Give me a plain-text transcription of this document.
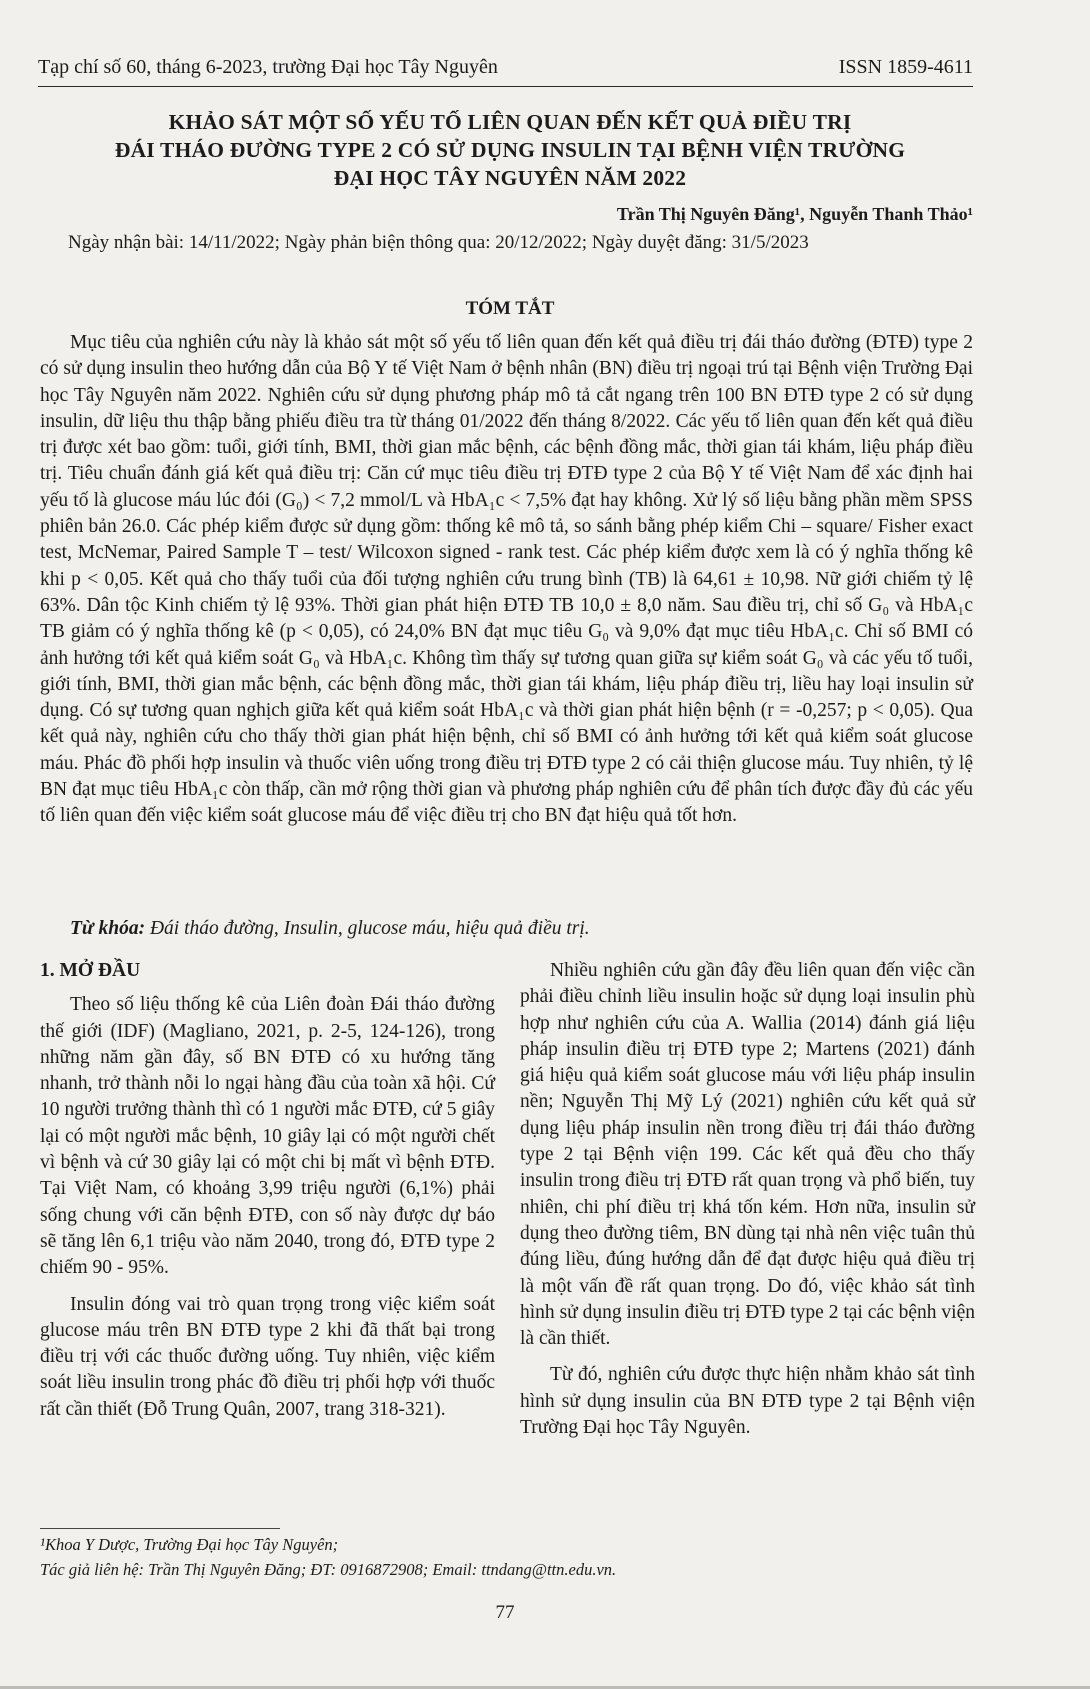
Tạp chí số 60, tháng 6-2023, trường Đại học Tây Nguyên	ISSN 1859-4611
KHẢO SÁT MỘT SỐ YẾU TỐ LIÊN QUAN ĐẾN KẾT QUẢ ĐIỀU TRỊ
ĐÁI THÁO ĐƯỜNG TYPE 2 CÓ SỬ DỤNG INSULIN TẠI BỆNH VIỆN TRƯỜNG
ĐẠI HỌC TÂY NGUYÊN NĂM 2022
Trần Thị Nguyên Đăng¹, Nguyễn Thanh Thảo¹
Ngày nhận bài: 14/11/2022; Ngày phản biện thông qua: 20/12/2022; Ngày duyệt đăng: 31/5/2023
TÓM TẮT

Mục tiêu của nghiên cứu này là khảo sát một số yếu tố liên quan đến kết quả điều trị đái tháo đường (ĐTĐ) type 2 có sử dụng insulin theo hướng dẫn của Bộ Y tế Việt Nam ở bệnh nhân (BN) điều trị ngoại trú tại Bệnh viện Trường Đại học Tây Nguyên năm 2022. Nghiên cứu sử dụng phương pháp mô tả cắt ngang trên 100 BN ĐTĐ type 2 có sử dụng insulin, dữ liệu thu thập bằng phiếu điều tra từ tháng 01/2022 đến tháng 8/2022. Các yếu tố liên quan đến kết quả điều trị được xét bao gồm: tuổi, giới tính, BMI, thời gian mắc bệnh, các bệnh đồng mắc, thời gian tái khám, liệu pháp điều trị. Tiêu chuẩn đánh giá kết quả điều trị: Căn cứ mục tiêu điều trị ĐTĐ type 2 của Bộ Y tế Việt Nam để xác định hai yếu tố là glucose máu lúc đói (G₀) < 7,2 mmol/L và HbA₁c < 7,5% đạt hay không. Xử lý số liệu bằng phần mềm SPSS phiên bản 26.0. Các phép kiểm được sử dụng gồm: thống kê mô tả, so sánh bằng phép kiểm Chi – square/ Fisher exact test, McNemar, Paired Sample T – test/ Wilcoxon signed - rank test. Các phép kiểm được xem là có ý nghĩa thống kê khi p < 0,05. Kết quả cho thấy tuổi của đối tượng nghiên cứu trung bình (TB) là 64,61 ± 10,98. Nữ giới chiếm tỷ lệ 63%. Dân tộc Kinh chiếm tỷ lệ 93%. Thời gian phát hiện ĐTĐ TB 10,0 ± 8,0 năm. Sau điều trị, chỉ số G₀ và HbA₁c TB giảm có ý nghĩa thống kê (p < 0,05), có 24,0% BN đạt mục tiêu G₀ và 9,0% đạt mục tiêu HbA₁c. Chỉ số BMI có ảnh hưởng tới kết quả kiểm soát G₀ và HbA₁c. Không tìm thấy sự tương quan giữa sự kiểm soát G₀ và các yếu tố tuổi, giới tính, BMI, thời gian mắc bệnh, các bệnh đồng mắc, thời gian tái khám, liệu pháp điều trị, liều hay loại insulin sử dụng. Có sự tương quan nghịch giữa kết quả kiểm soát HbA₁c và thời gian phát hiện bệnh (r = -0,257; p < 0,05). Qua kết quả này, nghiên cứu cho thấy thời gian phát hiện bệnh, chỉ số BMI có ảnh hưởng tới kết quả kiểm soát glucose máu. Phác đồ phối hợp insulin và thuốc viên uống trong điều trị ĐTĐ type 2 có cải thiện glucose máu. Tuy nhiên, tỷ lệ BN đạt mục tiêu HbA₁c còn thấp, cần mở rộng thời gian và phương pháp nghiên cứu để phân tích được đầy đủ các yếu tố liên quan đến việc kiểm soát glucose máu để việc điều trị cho BN đạt hiệu quả tốt hơn.

Từ khóa: Đái tháo đường, Insulin, glucose máu, hiệu quả điều trị.
1. MỞ ĐẦU

Theo số liệu thống kê của Liên đoàn Đái tháo đường thế giới (IDF) (Magliano, 2021, p. 2-5, 124-126), trong những năm gần đây, số BN ĐTĐ có xu hướng tăng nhanh, trở thành nỗi lo ngại hàng đầu của toàn xã hội. Cứ 10 người trưởng thành thì có 1 người mắc ĐTĐ, cứ 5 giây lại có một người mắc bệnh, 10 giây lại có một người chết vì bệnh và cứ 30 giây lại có một chi bị mất vì bệnh ĐTĐ. Tại Việt Nam, có khoảng 3,99 triệu người (6,1%) phải sống chung với căn bệnh ĐTĐ, con số này được dự báo sẽ tăng lên 6,1 triệu vào năm 2040, trong đó, ĐTĐ type 2 chiếm 90 - 95%.

Insulin đóng vai trò quan trọng trong việc kiểm soát glucose máu trên BN ĐTĐ type 2 khi đã thất bại trong điều trị với các thuốc đường uống. Tuy nhiên, việc kiểm soát liều insulin trong phác đồ điều trị phối hợp với thuốc rất cần thiết (Đỗ Trung Quân, 2007, trang 318-321).

Nhiều nghiên cứu gần đây đều liên quan đến việc cần phải điều chỉnh liều insulin hoặc sử dụng loại insulin phù hợp như nghiên cứu của A. Wallia (2014) đánh giá liệu pháp insulin điều trị ĐTĐ type 2; Martens (2021) đánh giá hiệu quả kiểm soát glucose máu với liệu pháp insulin nền; Nguyễn Thị Mỹ Lý (2021) nghiên cứu kết quả sử dụng liệu pháp insulin nền trong điều trị đái tháo đường type 2 tại Bệnh viện 199. Các kết quả đều cho thấy insulin trong điều trị ĐTĐ rất quan trọng và phổ biến, tuy nhiên, chi phí điều trị khá tốn kém. Hơn nữa, insulin sử dụng theo đường tiêm, BN dùng tại nhà nên việc tuân thủ đúng liều, đúng hướng dẫn để đạt được hiệu quả điều trị là một vấn đề rất quan trọng. Do đó, việc khảo sát tình hình sử dụng insulin điều trị ĐTĐ type 2 tại các bệnh viện là cần thiết.

Từ đó, nghiên cứu được thực hiện nhằm khảo sát tình hình sử dụng insulin của BN ĐTĐ type 2 tại Bệnh viện Trường Đại học Tây Nguyên.

¹Khoa Y Dược, Trường Đại học Tây Nguyên;
Tác giả liên hệ: Trần Thị Nguyên Đăng; ĐT: 0916872908; Email: ttndang@ttn.edu.vn.
77
